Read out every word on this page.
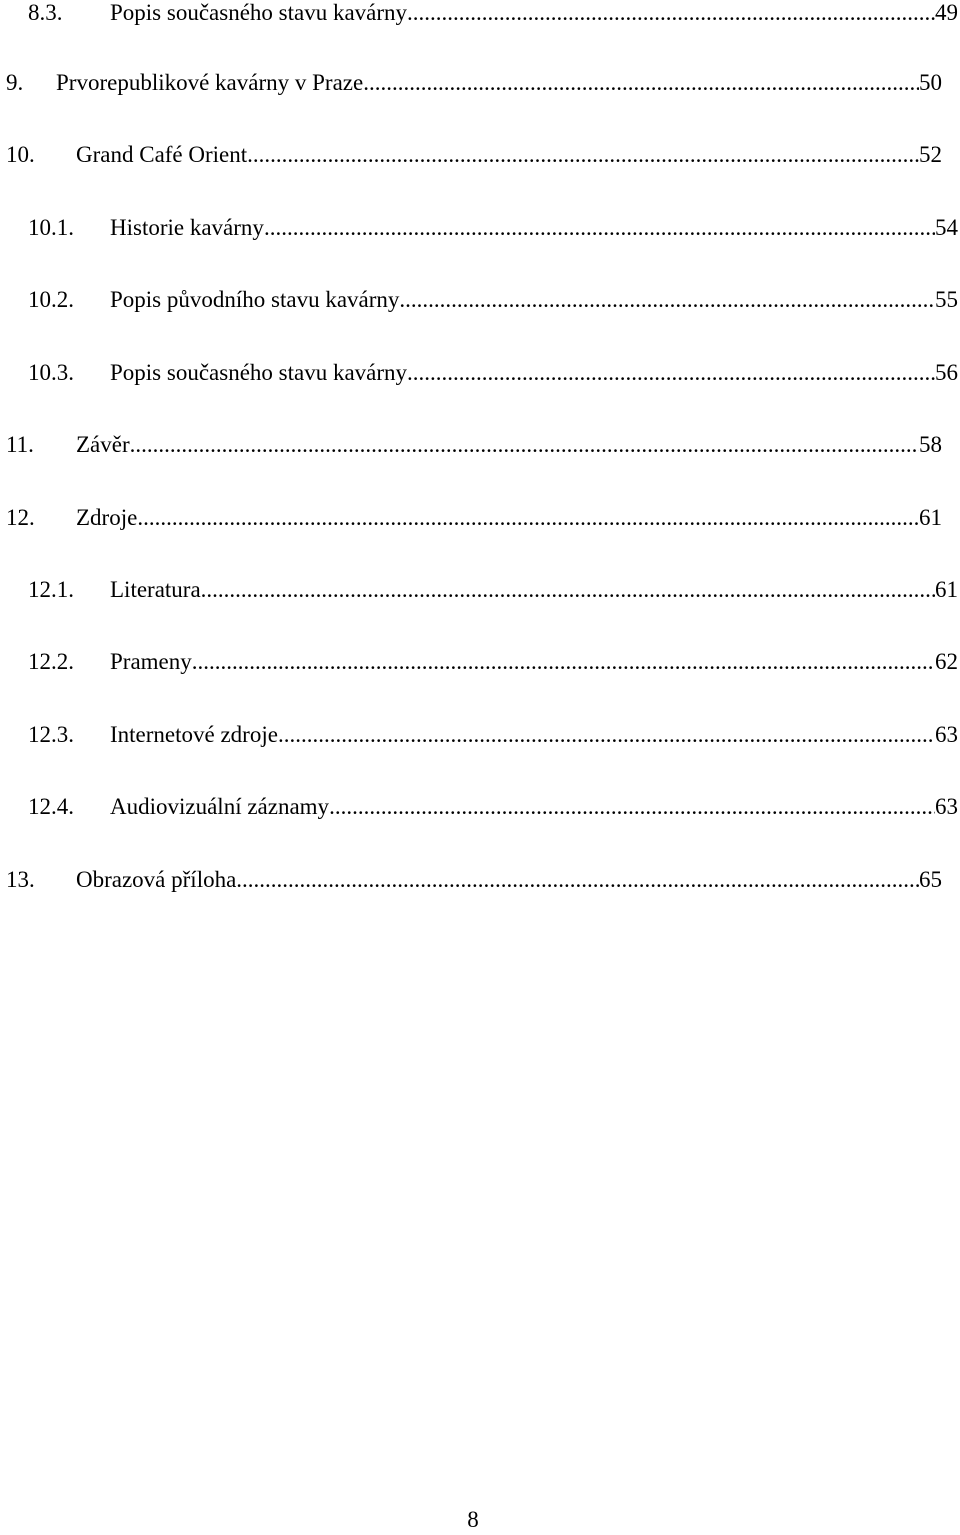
8.3. Popis současného stavu kavárny .....	49
9. Prvorepublikové kavárny v Praze .....	50
10. Grand Café Orient .....	52
10.1. Historie kavárny .....	54
10.2. Popis původního stavu kavárny .....	55
10.3. Popis současného stavu kavárny .....	56
11. Závěr .....	58
12. Zdroje .....	61
12.1. Literatura .....	61
12.2. Prameny .....	62
12.3. Internetové zdroje .....	63
12.4. Audiovizuální záznamy .....	63
13. Obrazová příloha .....	65
8
